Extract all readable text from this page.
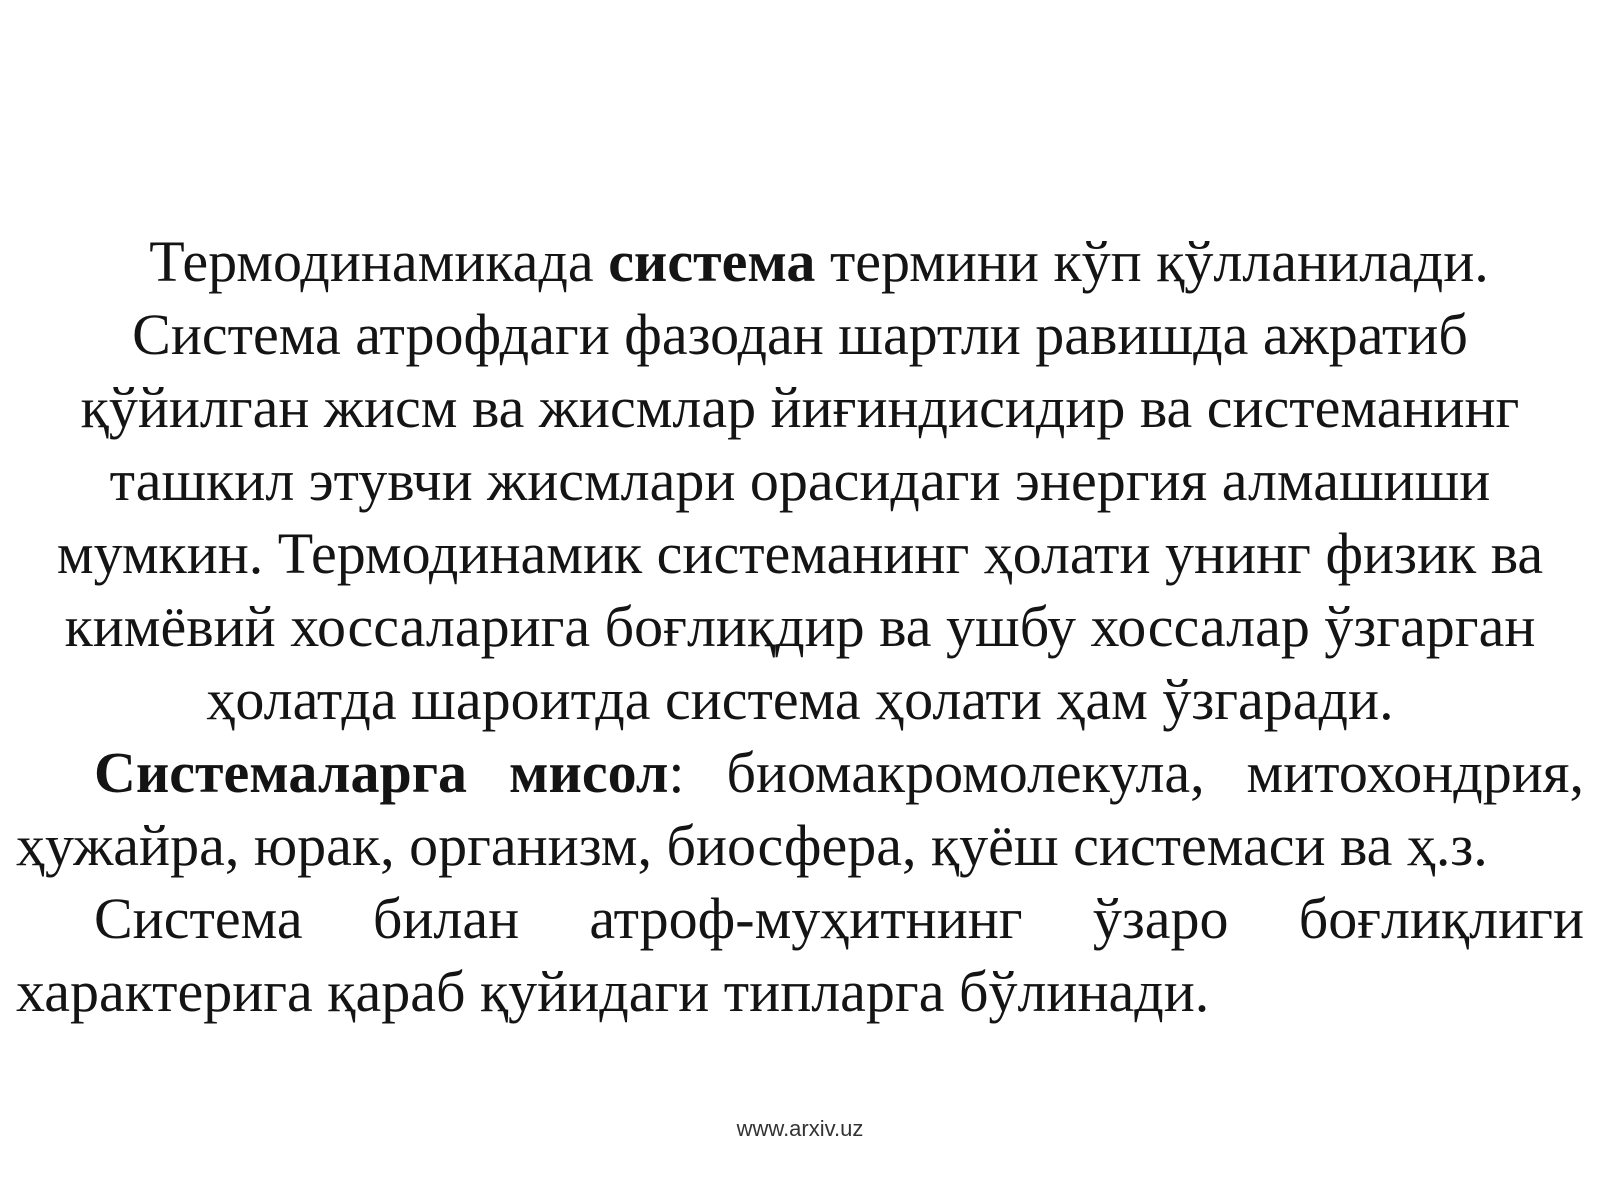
Термодинамикада система термини кўп қўлланилади. Система атрофдаги фазодан шартли равишда ажратиб қўйилган жисм ва жисмлар йиғиндисидир ва системанинг ташкил этувчи жисмлари орасидаги энергия алмашиши мумкин. Термодинамик системанинг ҳолати унинг физик ва кимёвий хоссаларига боғлиқдир ва ушбу хоссалар ўзгарган ҳолатда шароитда система ҳолати ҳам ўзгаради.

Системаларга мисол: биомакромолекула, митохондрия, ҳужайра, юрак, организм, биосфера, қуёш системаси ва ҳ.з.

Система билан атроф-муҳитнинг ўзаро боғлиқлиги характерига қараб қуйидаги типларга бўлинади.

www.arxiv.uz
